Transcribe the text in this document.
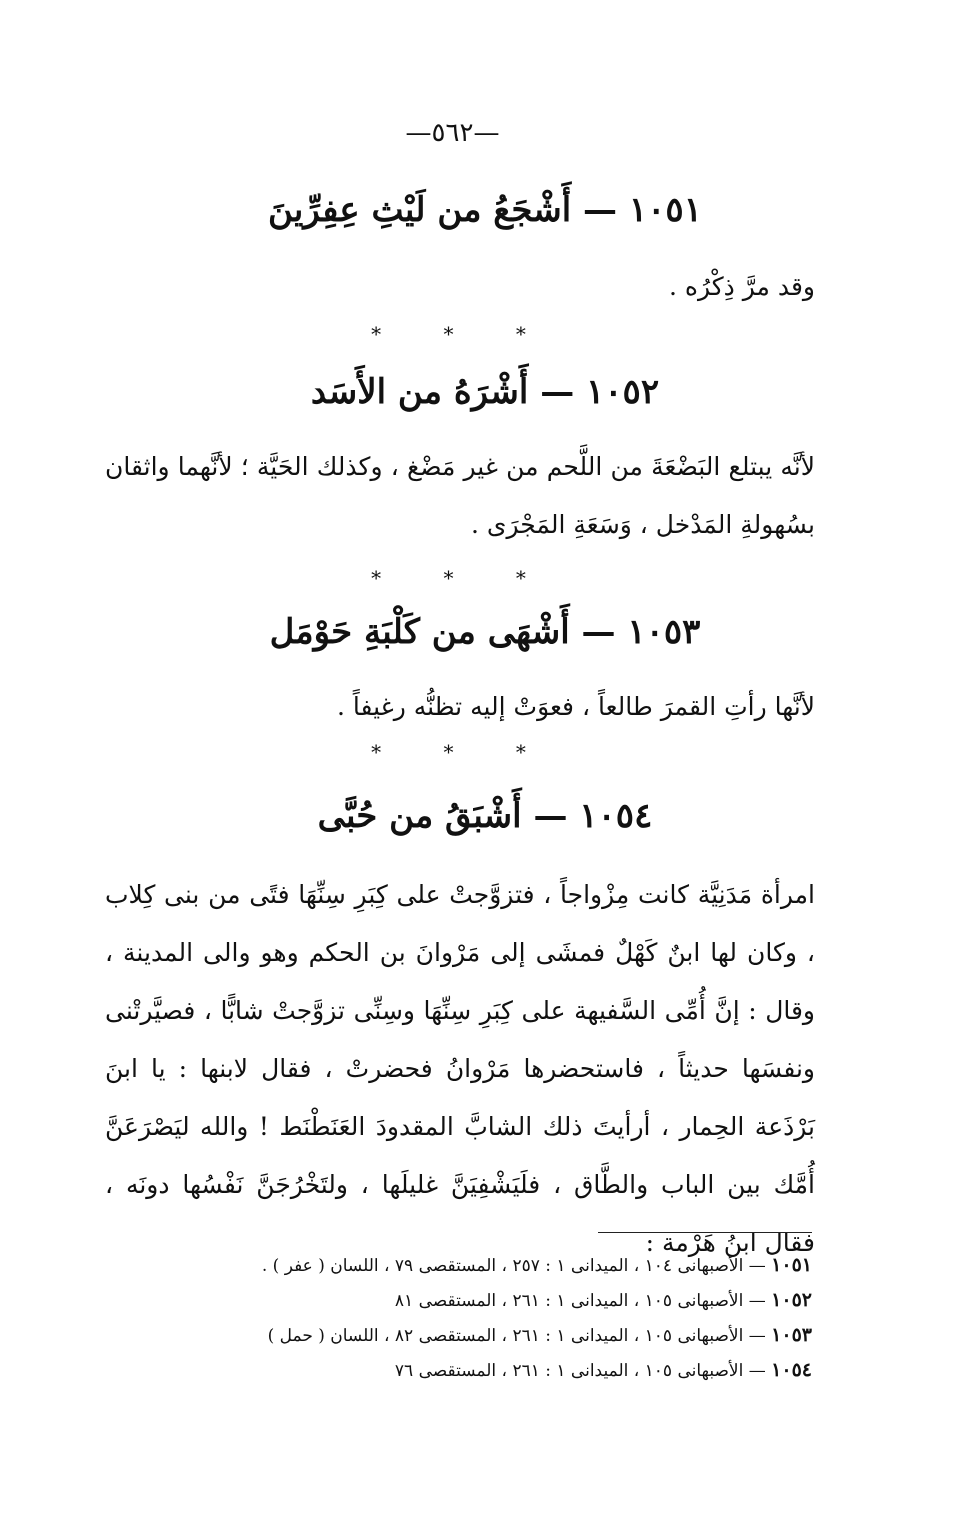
—٥٦٢—
١٠٥١ — أَشْجَعُ من لَيْثِ عِفِرِّينَ
وقد مرَّ ذِكْرُه .
* * *
١٠٥٢ — أَشْرَهُ من الأَسَد
لأنَّه يبتلع البَضْعَةَ من اللَّحم من غير مَضْغ ، وكذلك الحَيَّة ؛ لأنَّهما واثقان بسُهولةِ المَدْخل ، وَسَعَةِ المَجْرَى .
* * *
١٠٥٣ — أَشْهَى من كَلْبَةِ حَوْمَل
لأنَّها رأتِ القمرَ طالعاً ، فعوَتْ إليه تظنُّه رغيفاً .
* * *
١٠٥٤ — أَشْبَقُ من حُبَّى
امرأة مَدَنِيَّة كانت مِزْواجاً ، فتزوَّجتْ على كِبَرِ سِنِّهَا فتًى من بنى كِلاب ، وكان لها ابنٌ كَهْلٌ فمشَى إلى مَرْوانَ بن الحكم وهو والى المدينة ، وقال : إنَّ أُمِّى السَّفيهة على كِبَرِ سِنِّهَا وسِنِّى تزوَّجتْ شابًّا ، فصيَّرتْنى ونفسَها حديثاً ، فاستحضرها مَرْوانُ فحضرتْ ، فقال لابنها : يا ابنَ بَرْذَعة الحِمار ، أرأيتَ ذلك الشابَّ المقدودَ العَنَطْنَط ! والله ليَصْرَعَنَّ أُمَّك بين الباب والطَّاق ، فلَيَشْفِيَنَّ غليلَها ، ولتَخْرُجَنَّ نَفْسُها دونَه ، فقال ابنُ هَرْمة :
١٠٥١ — الأصبهانى ١٠٤ ، الميدانى ١ : ٢٥٧ ، المستقصى ٧٩ ، اللسان ( عفر ) .
١٠٥٢ — الأصبهانى ١٠٥ ، الميدانى ١ : ٢٦١ ، المستقصى ٨١
١٠٥٣ — الأصبهانى ١٠٥ ، الميدانى ١ : ٢٦١ ، المستقصى ٨٢ ، اللسان ( حمل )
١٠٥٤ — الأصبهانى ١٠٥ ، الميدانى ١ : ٢٦١ ، المستقصى ٧٦
